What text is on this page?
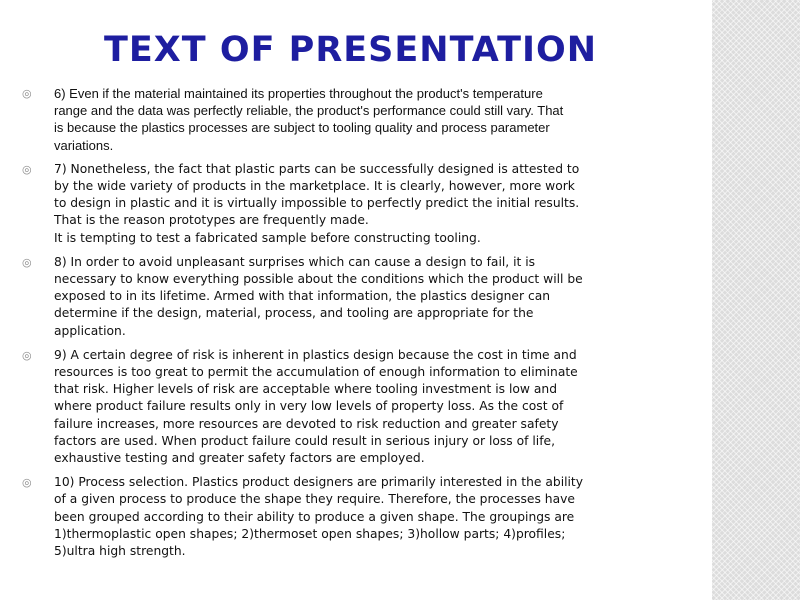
TEXT OF PRESENTATION
◎ 6) Even if the material maintained its properties throughout the product's temperature
range and the data was perfectly reliable, the product's performance could still vary. That
is because the plastics processes are subject to tooling quality and process parameter
variations.
◎ 7) Nonetheless, the fact that plastic parts can be successfully designed is attested to
by the wide variety of products in the marketplace. It is clearly, however, more work
to design in plastic and it is virtually impossible to perfectly predict the initial results.
That is the reason prototypes are frequently made.
It is tempting to test a fabricated sample before constructing tooling.
◎ 8) In order to avoid unpleasant surprises which can cause a design to fail, it is
necessary to know everything possible about the conditions which the product will be
exposed to in its lifetime. Armed with that information, the plastics designer can
determine if the design, material, process, and tooling are appropriate for the
application.
◎ 9) A certain degree of risk is inherent in plastics design because the cost in time and
resources is too great to permit the accumulation of enough information to eliminate
that risk. Higher levels of risk are acceptable where tooling investment is low and
where product failure results only in very low levels of property loss. As the cost of
failure increases, more resources are devoted to risk reduction and greater safety
factors are used. When product failure could result in serious injury or loss of life,
exhaustive testing and greater safety factors are employed.
◎ 10) Process selection. Plastics product designers are primarily interested in the ability
of a given process to produce the shape they require. Therefore, the processes have
been grouped according to their ability to produce a given shape. The groupings are
1)thermoplastic open shapes; 2)thermoset open shapes; 3)hollow parts; 4)profiles;
5)ultra high strength.
